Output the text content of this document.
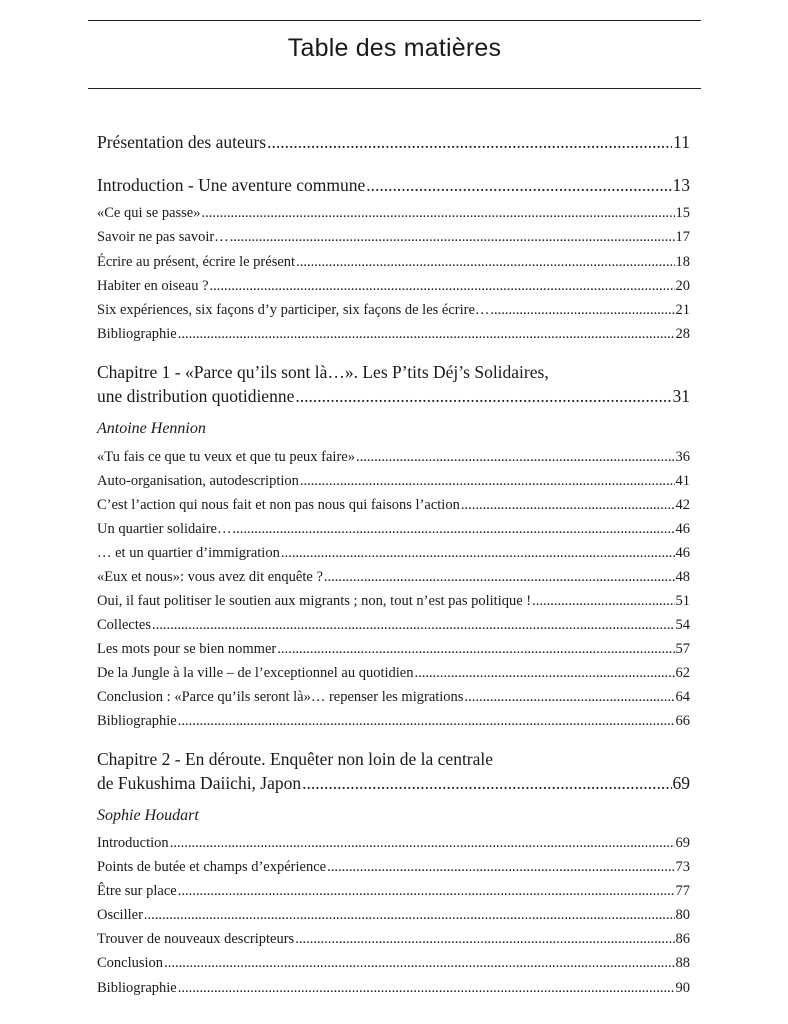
Table des matières
Présentation des auteurs .....	11
Introduction - Une aventure commune .....	13
«Ce qui se passe» .....	15
Savoir ne pas savoir… .....	17
Écrire au présent, écrire le présent .....	18
Habiter en oiseau ? .....	20
Six expériences, six façons d’y participer, six façons de les écrire… .....	21
Bibliographie .....	28
Chapitre 1 - «Parce qu’ils sont là…». Les P’tits Déj’s Solidaires,
une distribution quotidienne .....	31
Antoine Hennion
«Tu fais ce que tu veux et que tu peux faire» .....	36
Auto-organisation, autodescription .....	41
C’est l’action qui nous fait et non pas nous qui faisons l’action .....	42
Un quartier solidaire… .....	46
… et un quartier d’immigration .....	46
«Eux et nous»: vous avez dit enquête ? .....	48
Oui, il faut politiser le soutien aux migrants ; non, tout n’est pas politique ! .....	51
Collectes .....	54
Les mots pour se bien nommer .....	57
De la Jungle à la ville – de l’exceptionnel au quotidien .....	62
Conclusion : «Parce qu’ils seront là»… repenser les migrations .....	64
Bibliographie .....	66
Chapitre 2 - En déroute. Enquêter non loin de la centrale
de Fukushima Daiichi, Japon .....	69
Sophie Houdart
Introduction .....	69
Points de butée et champs d’expérience .....	73
Être sur place .....	77
Osciller .....	80
Trouver de nouveaux descripteurs .....	86
Conclusion .....	88
Bibliographie .....	90
